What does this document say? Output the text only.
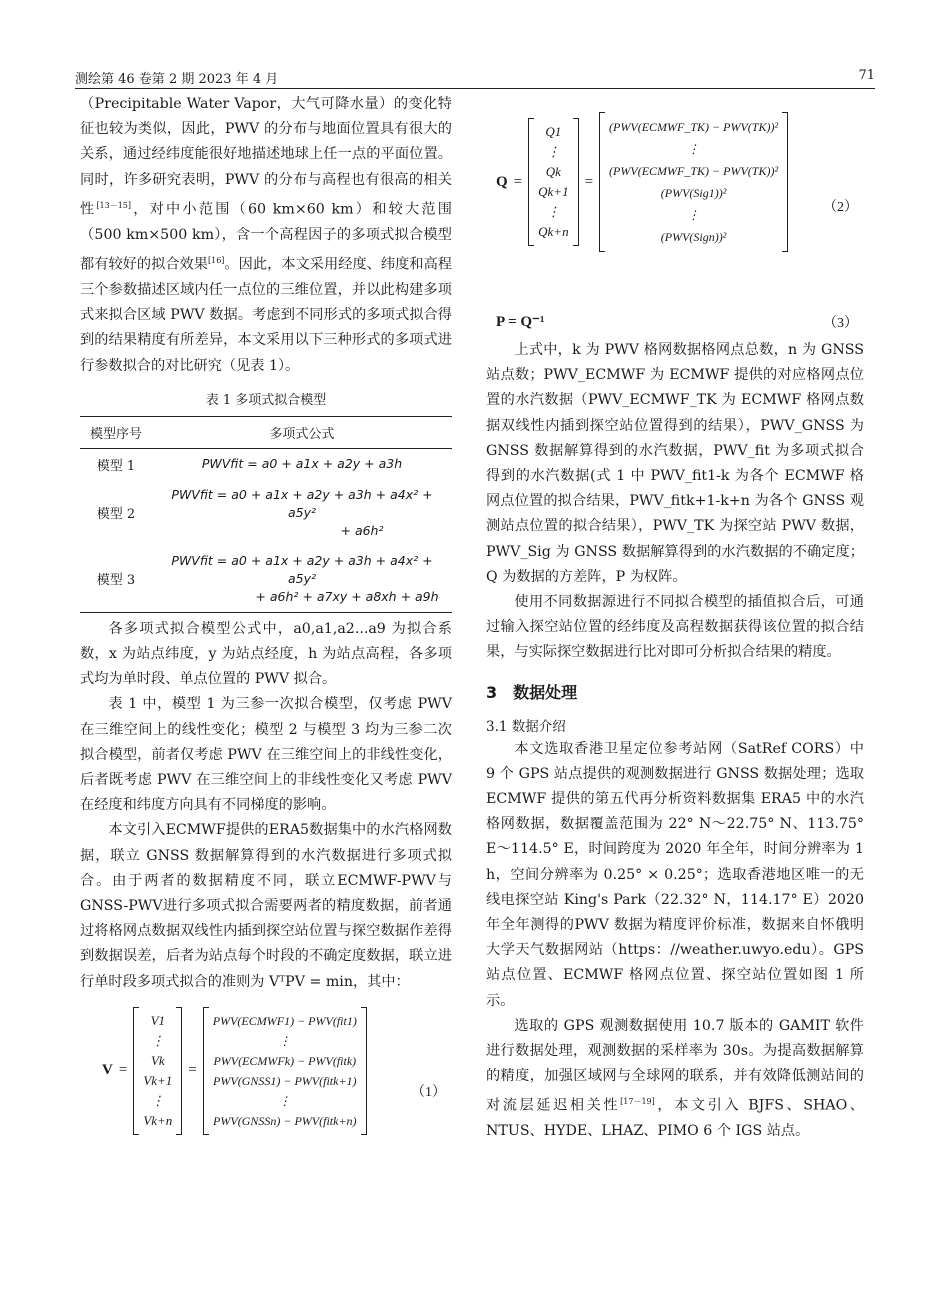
测绘第 46 卷第 2 期 2023 年 4 月	71

（Precipitable Water Vapor，大气可降水量）的变化特征也较为类似，因此，PWV 的分布与地面位置具有很大的关系，通过经纬度能很好地描述地球上任一点的平面位置。同时，许多研究表明，PWV 的分布与高程也有很高的相关性[13－15]，对中小范围（60 km×60 km）和较大范围（500 km×500 km），含一个高程因子的多项式拟合模型都有较好的拟合效果[16]。因此，本文采用经度、纬度和高程三个参数描述区域内任一点位的三维位置，并以此构建多项式来拟合区域 PWV 数据。考虑到不同形式的多项式拟合得到的结果精度有所差异，本文采用以下三种形式的多项式进行参数拟合的对比研究（见表 1）。

表 1 多项式拟合模型
模型序号	多项式公式
模型 1	PWVfit = a0 + a1x + a2y + a3h

模型 2	PWVfit = a0 + a1x + a2y + a3h + a4x² + a5y²
+ a6h²

模型 3	PWVfit = a0 + a1x + a2y + a3h + a4x² + a5y²
+ a6h² + a7xy + a8xh + a9h

各多项式拟合模型公式中，a0,a1,a2...a9 为拟合系数，x 为站点纬度，y 为站点经度，h 为站点高程，各多项式均为单时段、单点位置的 PWV 拟合。

表 1 中，模型 1 为三参一次拟合模型，仅考虑 PWV 在三维空间上的线性变化；模型 2 与模型 3 均为三参二次拟合模型，前者仅考虑 PWV 在三维空间上的非线性变化，后者既考虑 PWV 在三维空间上的非线性变化又考虑 PWV 在经度和纬度方向具有不同梯度的影响。

本文引入ECMWF提供的ERA5数据集中的水汽格网数据，联立 GNSS 数据解算得到的水汽数据进行多项式拟合。由于两者的数据精度不同，联立ECMWF-PWV与GNSS-PWV进行多项式拟合需要两者的精度数据，前者通过将格网点数据双线性内插到探空站位置与探空数据作差得到数据误差，后者为站点每个时段的不确定度数据，联立进行单时段多项式拟合的准则为 VᵀPV = min，其中：

V =
V1
⋮
Vk
Vk+1
⋮
Vk+n
=
PWV(ECMWF1) − PWV(fit1)
⋮
PWV(ECMWFk) − PWV(fitk)
PWV(GNSS1) − PWV(fitk+1)
⋮
PWV(GNSSn) − PWV(fitk+n)
（1）
Q =
Q1
⋮
Qk
Qk+1
⋮
Qk+n
=
(PWV(ECMWF_TK) − PWV(TK))²
⋮
(PWV(ECMWF_TK) − PWV(TK))²
(PWV(Sig1))²
⋮
(PWV(Sign))²
（2）
P = Q⁻¹	（3）

上式中，k 为 PWV 格网数据格网点总数，n 为 GNSS 站点数；PWV_ECMWF 为 ECMWF 提供的对应格网点位置的水汽数据（PWV_ECMWF_TK 为 ECMWF 格网点数据双线性内插到探空站位置得到的结果），PWV_GNSS 为 GNSS 数据解算得到的水汽数据，PWV_fit 为多项式拟合得到的水汽数据(式 1 中 PWV_fit1-k 为各个 ECMWF 格网点位置的拟合结果，PWV_fitk+1-k+n 为各个 GNSS 观测站点位置的拟合结果），PWV_TK 为探空站 PWV 数据，PWV_Sig 为 GNSS 数据解算得到的水汽数据的不确定度；Q 为数据的方差阵，P 为权阵。

使用不同数据源进行不同拟合模型的插值拟合后，可通过输入探空站位置的经纬度及高程数据获得该位置的拟合结果，与实际探空数据进行比对即可分析拟合结果的精度。

3　数据处理
3.1 数据介绍

本文选取香港卫星定位参考站网（SatRef CORS）中 9 个 GPS 站点提供的观测数据进行 GNSS 数据处理；选取 ECMWF 提供的第五代再分析资料数据集 ERA5 中的水汽格网数据，数据覆盖范围为 22° N～22.75° N、113.75° E～114.5° E，时间跨度为 2020 年全年，时间分辨率为 1 h，空间分辨率为 0.25° × 0.25°；选取香港地区唯一的无线电探空站 King's Park（22.32° N，114.17° E）2020 年全年测得的PWV 数据为精度评价标准，数据来自怀俄明大学天气数据网站（https：//weather.uwyo.edu）。GPS 站点位置、ECMWF 格网点位置、探空站位置如图 1 所示。

选取的 GPS 观测数据使用 10.7 版本的 GAMIT 软件进行数据处理，观测数据的采样率为 30s。为提高数据解算的精度，加强区域网与全球网的联系，并有效降低测站间的对流层延迟相关性[17－19]，本文引入 BJFS、SHAO、NTUS、HYDE、LHAZ、PIMO 6 个 IGS 站点。
